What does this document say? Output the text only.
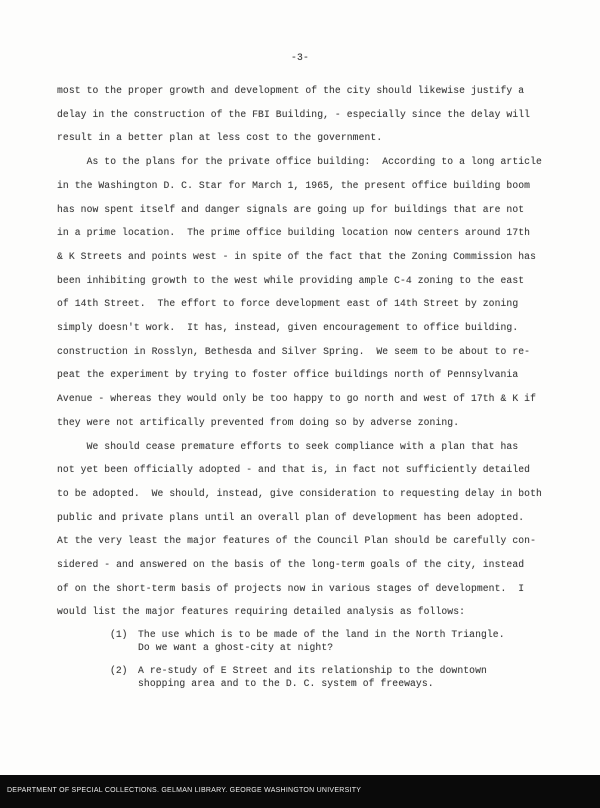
-3-
most to the proper growth and development of the city should likewise justify a
delay in the construction of the FBI Building, - especially since the delay will
result in a better plan at less cost to the government.
As to the plans for the private office building:  According to a long article
in the Washington D. C. Star for March 1, 1965, the present office building boom
has now spent itself and danger signals are going up for buildings that are not
in a prime location.  The prime office building location now centers around 17th
& K Streets and points west - in spite of the fact that the Zoning Commission has
been inhibiting growth to the west while providing ample C-4 zoning to the east
of 14th Street.  The effort to force development east of 14th Street by zoning
simply doesn't work.  It has, instead, given encouragement to office building.
construction in Rosslyn, Bethesda and Silver Spring.  We seem to be about to re-
peat the experiment by trying to foster office buildings north of Pennsylvania
Avenue - whereas they would only be too happy to go north and west of 17th & K if
they were not artifically prevented from doing so by adverse zoning.
We should cease premature efforts to seek compliance with a plan that has
not yet been officially adopted - and that is, in fact not sufficiently detailed
to be adopted.  We should, instead, give consideration to requesting delay in both
public and private plans until an overall plan of development has been adopted.
At the very least the major features of the Council Plan should be carefully con-
sidered - and answered on the basis of the long-term goals of the city, instead
of on the short-term basis of projects now in various stages of development.  I
would list the major features requiring detailed analysis as follows:
(1)	The use which is to be made of the land in the North Triangle.
Do we want a ghost-city at night?
(2)	A re-study of E Street and its relationship to the downtown
shopping area and to the D. C. system of freeways.
DEPARTMENT OF SPECIAL COLLECTIONS. GELMAN LIBRARY. GEORGE WASHINGTON UNIVERSITY
